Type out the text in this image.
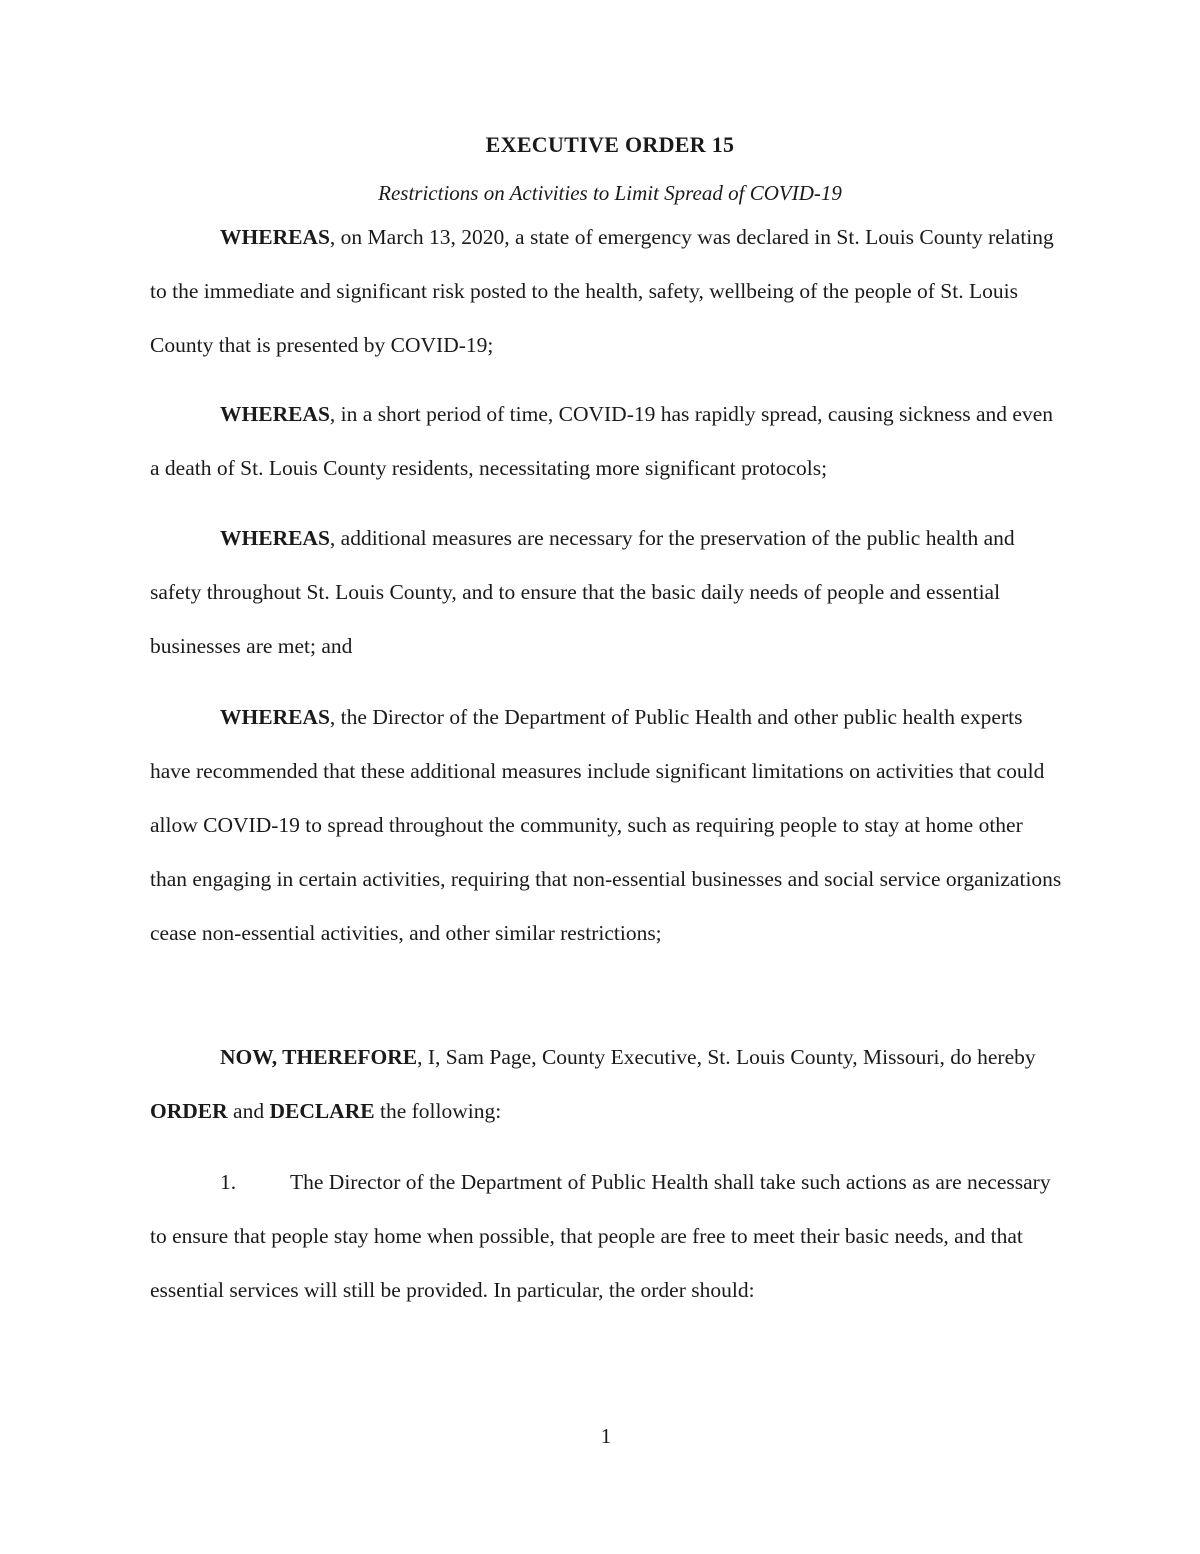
EXECUTIVE ORDER 15
Restrictions on Activities to Limit Spread of COVID-19

WHEREAS, on March 13, 2020, a state of emergency was declared in St. Louis County relating to the immediate and significant risk posted to the health, safety, wellbeing of the people of St. Louis County that is presented by COVID-19;

WHEREAS, in a short period of time, COVID-19 has rapidly spread, causing sickness and even a death of St. Louis County residents, necessitating more significant protocols;

WHEREAS, additional measures are necessary for the preservation of the public health and safety throughout St. Louis County, and to ensure that the basic daily needs of people and essential businesses are met; and

WHEREAS, the Director of the Department of Public Health and other public health experts have recommended that these additional measures include significant limitations on activities that could allow COVID-19 to spread throughout the community, such as requiring people to stay at home other than engaging in certain activities, requiring that non-essential businesses and social service organizations cease non-essential activities, and other similar restrictions;

NOW, THEREFORE, I, Sam Page, County Executive, St. Louis County, Missouri, do hereby ORDER and DECLARE the following:

1.	The Director of the Department of Public Health shall take such actions as are necessary to ensure that people stay home when possible, that people are free to meet their basic needs, and that essential services will still be provided. In particular, the order should:

1
